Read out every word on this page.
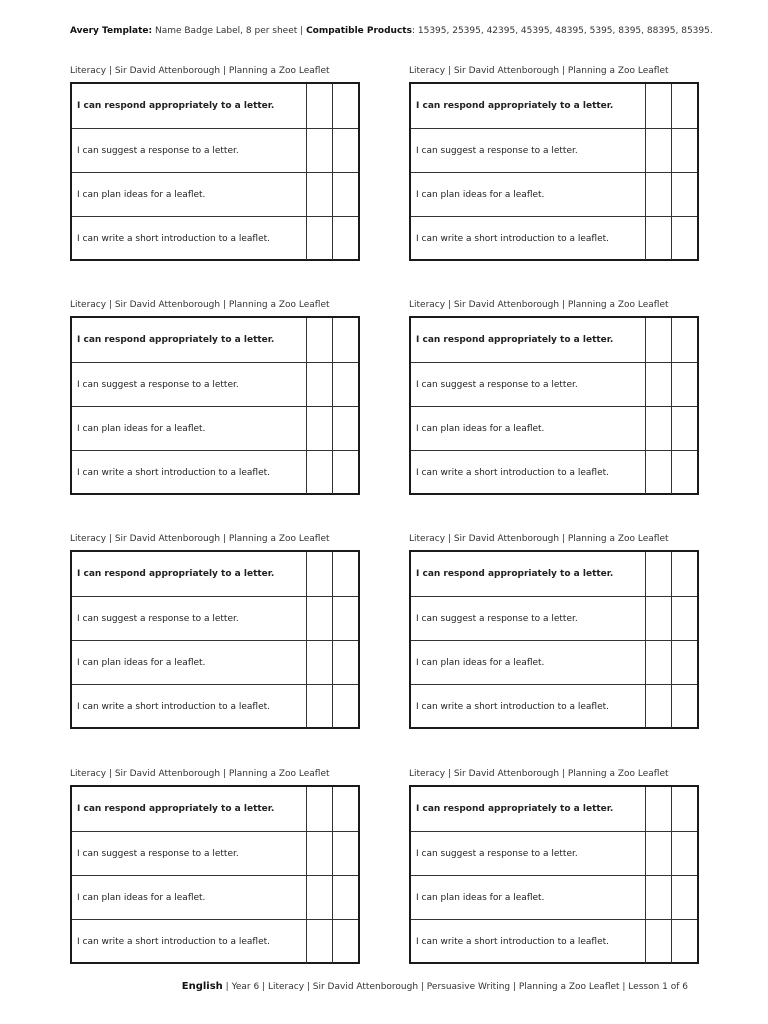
Avery Template: Name Badge Label, 8 per sheet | Compatible Products: 15395, 25395, 42395, 45395, 48395, 5395, 8395, 88395, 85395.
Literacy | Sir David Attenborough | Planning a Zoo Leaflet
I can respond appropriately to a letter.
I can suggest a response to a letter.
I can plan ideas for a leaflet.
I can write a short introduction to a leaflet.
Literacy | Sir David Attenborough | Planning a Zoo Leaflet
I can respond appropriately to a letter.
I can suggest a response to a letter.
I can plan ideas for a leaflet.
I can write a short introduction to a leaflet.
Literacy | Sir David Attenborough | Planning a Zoo Leaflet
I can respond appropriately to a letter.
I can suggest a response to a letter.
I can plan ideas for a leaflet.
I can write a short introduction to a leaflet.
Literacy | Sir David Attenborough | Planning a Zoo Leaflet
I can respond appropriately to a letter.
I can suggest a response to a letter.
I can plan ideas for a leaflet.
I can write a short introduction to a leaflet.
Literacy | Sir David Attenborough | Planning a Zoo Leaflet
I can respond appropriately to a letter.
I can suggest a response to a letter.
I can plan ideas for a leaflet.
I can write a short introduction to a leaflet.
Literacy | Sir David Attenborough | Planning a Zoo Leaflet
I can respond appropriately to a letter.
I can suggest a response to a letter.
I can plan ideas for a leaflet.
I can write a short introduction to a leaflet.
Literacy | Sir David Attenborough | Planning a Zoo Leaflet
I can respond appropriately to a letter.
I can suggest a response to a letter.
I can plan ideas for a leaflet.
I can write a short introduction to a leaflet.
Literacy | Sir David Attenborough | Planning a Zoo Leaflet
I can respond appropriately to a letter.
I can suggest a response to a letter.
I can plan ideas for a leaflet.
I can write a short introduction to a leaflet.
English | Year 6 | Literacy | Sir David Attenborough | Persuasive Writing | Planning a Zoo Leaflet | Lesson 1 of 6
